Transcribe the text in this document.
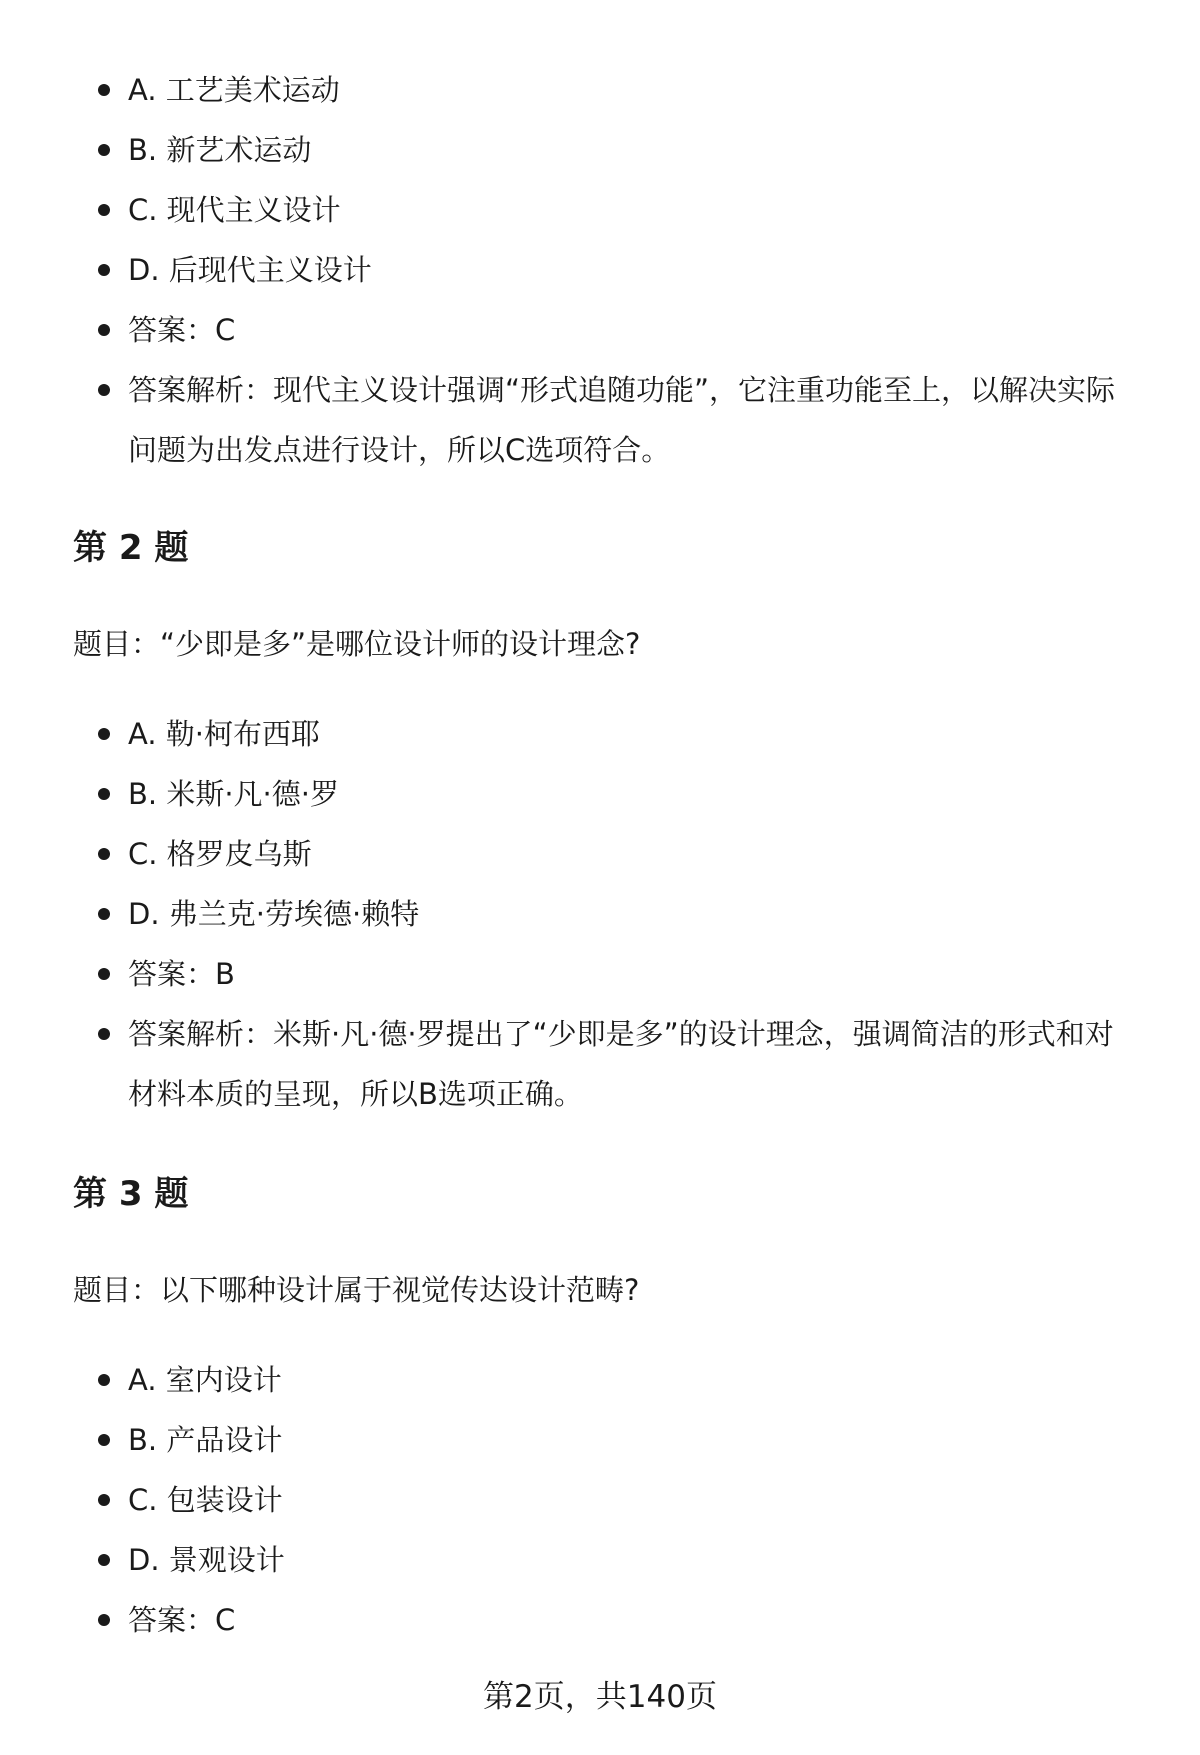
A. 工艺美术运动
B. 新艺术运动
C. 现代主义设计
D. 后现代主义设计
答案：C
答案解析：现代主义设计强调“形式追随功能”，它注重功能至上，以解决实际问题为出发点进行设计，所以C选项符合。
第 2 题

题目：“少即是多”是哪位设计师的设计理念?

A. 勒·柯布西耶
B. 米斯·凡·德·罗
C. 格罗皮乌斯
D. 弗兰克·劳埃德·赖特
答案：B
答案解析：米斯·凡·德·罗提出了“少即是多”的设计理念，强调简洁的形式和对材料本质的呈现，所以B选项正确。
第 3 题

题目：以下哪种设计属于视觉传达设计范畴?

A. 室内设计
B. 产品设计
C. 包装设计
D. 景观设计
答案：C
第2页，共140页
